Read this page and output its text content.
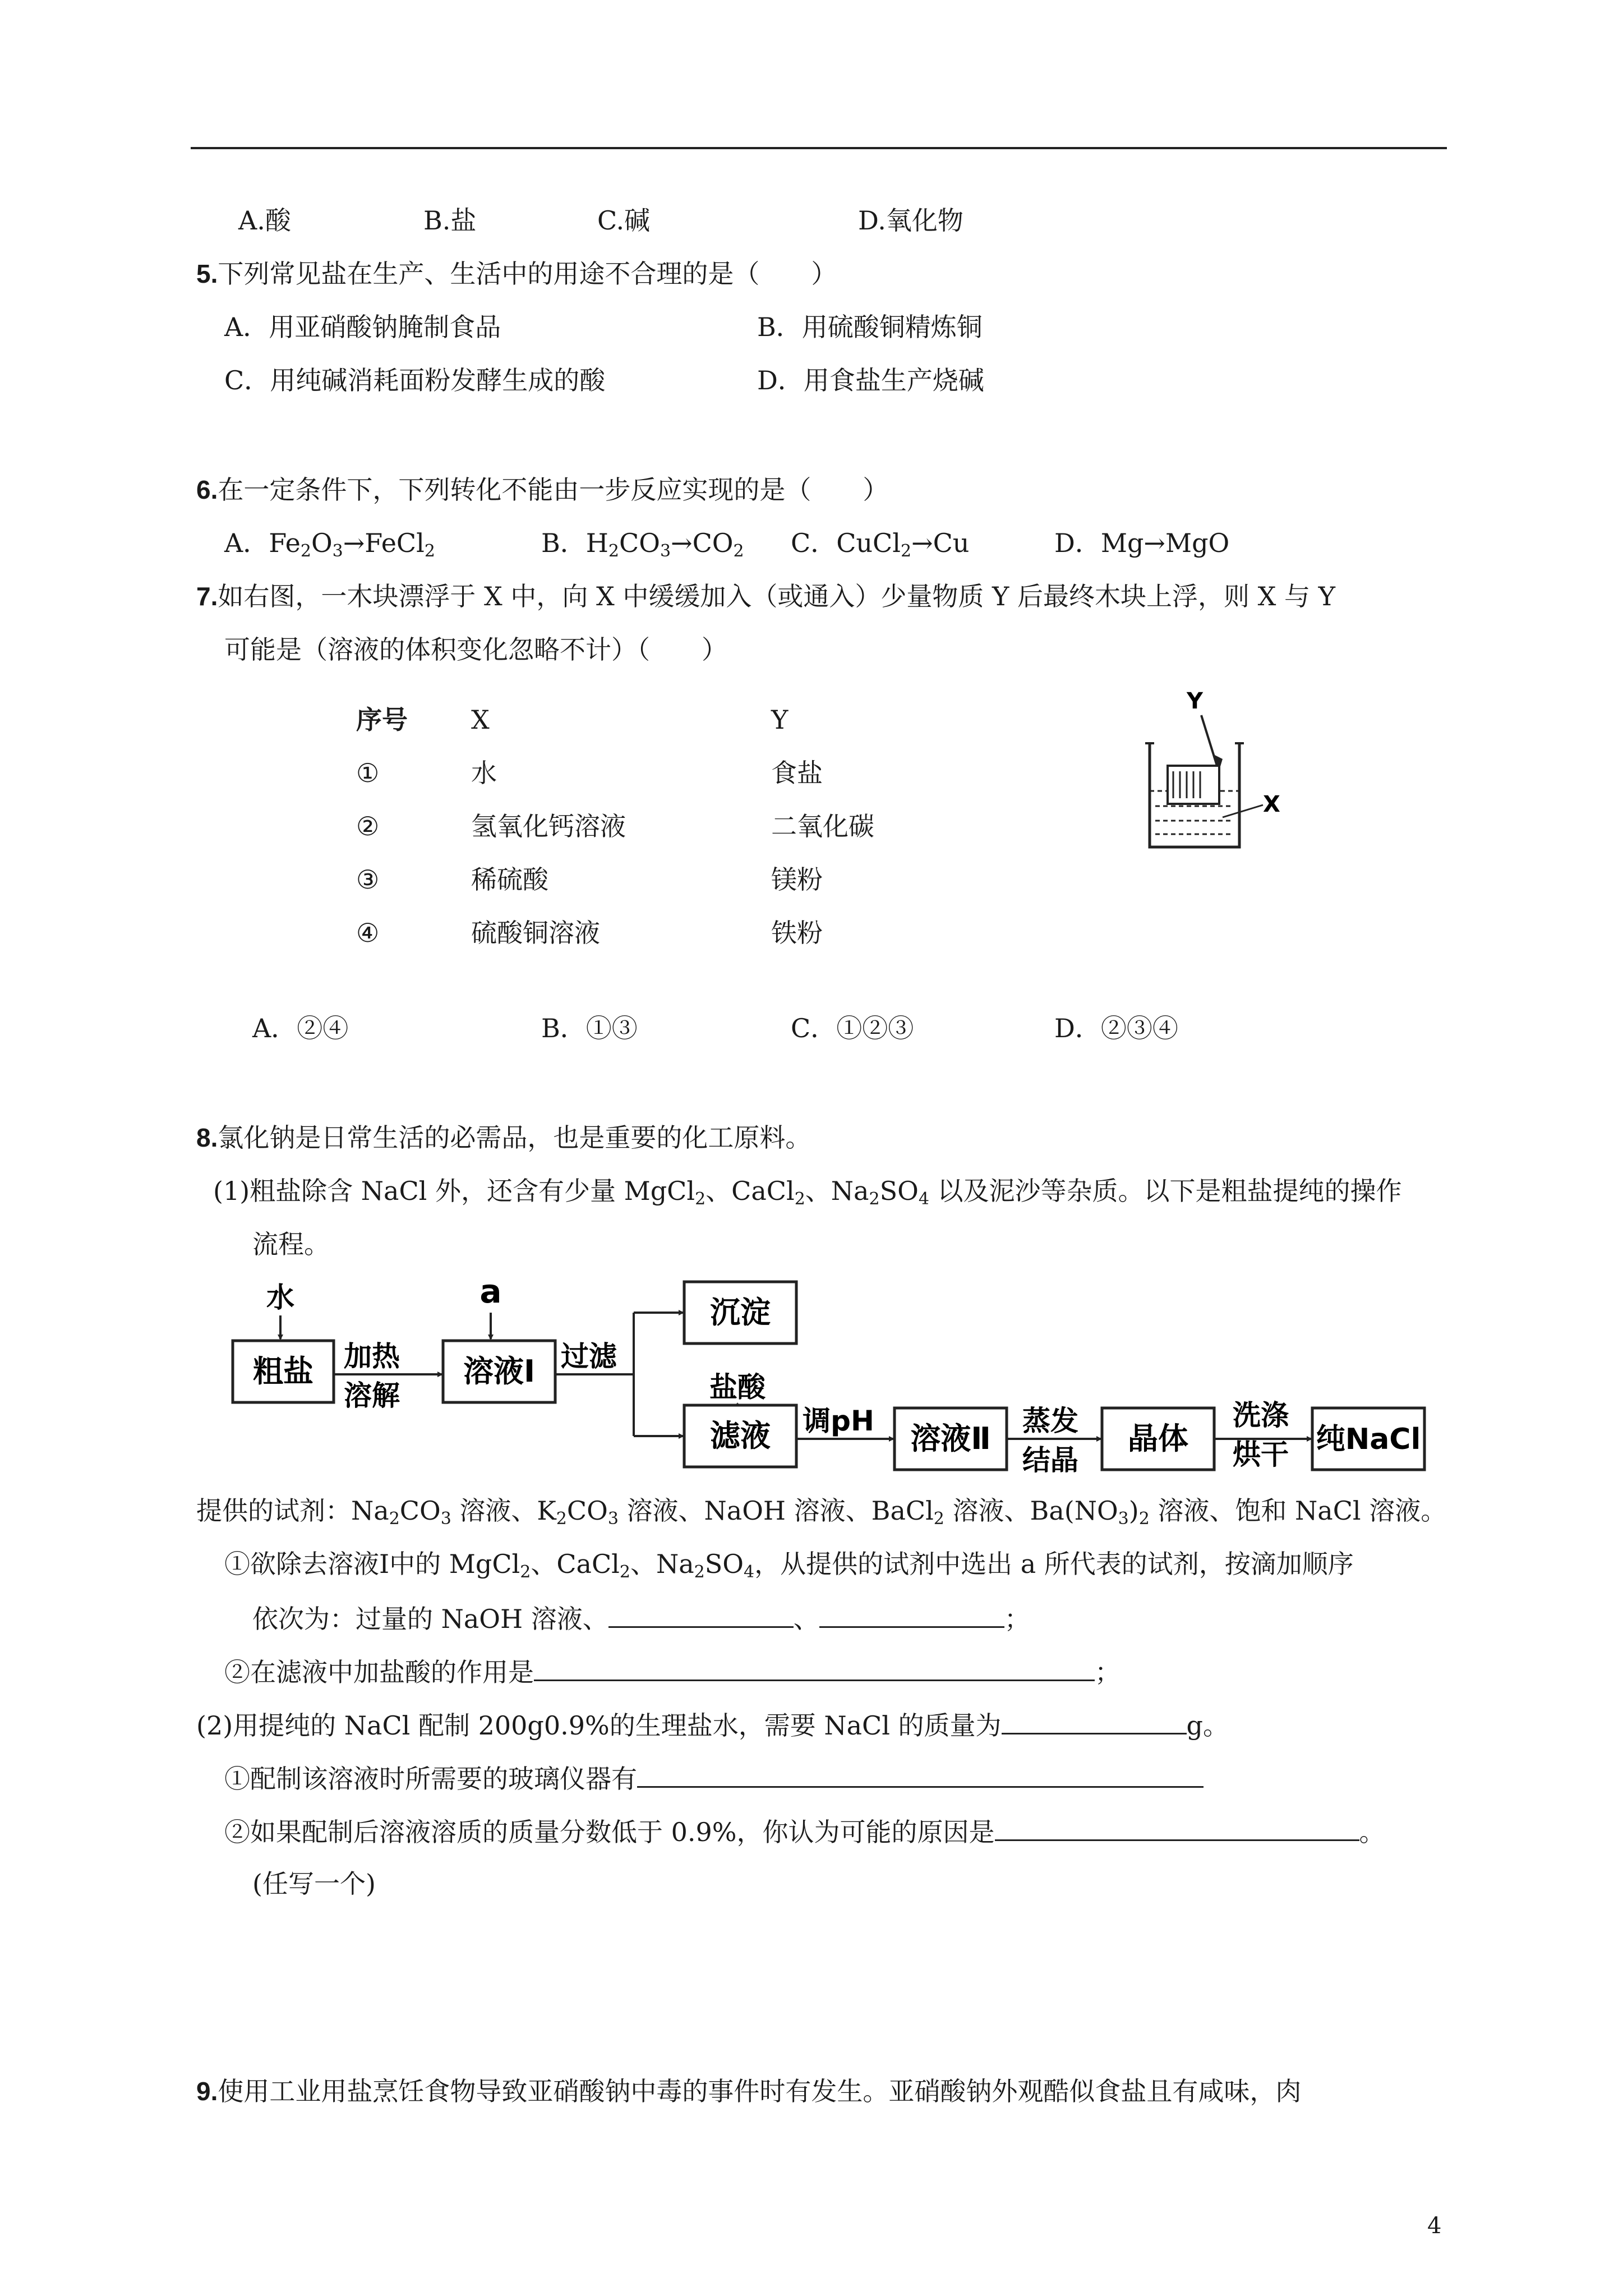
A.酸	B.盐	C.碱	D.氧化物
5.下列常见盐在生产、生活中的用途不合理的是（　　）
A．用亚硝酸钠腌制食品	B．用硫酸铜精炼铜
C．用纯碱消耗面粉发酵生成的酸	D．用食盐生产烧碱
6.在一定条件下，下列转化不能由一步反应实现的是（　　）
A．$Fe_2O_3\to FeCl_2$	B．$H_2CO_3\to CO_2$ C．CuCl$_2$→Cu	D．Mg→MgO
7.如右图，一木块漂浮于 X 中，向 X 中缓缓加入（或通入）少量物质 Y 后最终木块上浮，则 X 与 Y
可能是（溶液的体积变化忽略不计）（　　）
序号 X	Y
①	水	食盐
②	氢氧化钙溶液	二氧化碳
③	稀硫酸	镁粉
④	硫酸铜溶液	铁粉
Y
X
A．②④	B．①③	C．①②③	D．②③④
8.氯化钠是日常生活的必需品，也是重要的化工原料。
(1)粗盐除含 NaCl 外，还含有少量 MgCl$_2$、CaCl$_2$、$Na_2SO_4$ 以及泥沙等杂质。以下是粗盐提纯的操作
流程。
水
粗盐 加热
溶解
a
溶液Ⅰ 过滤
沉淀
盐酸
滤液 调pH 溶液Ⅱ 蒸发
结晶
晶体
洗涤
烘干 纯NaCl
提供的试剂：$Na_2CO_3$ 溶液、$K_2CO_3$ 溶液、NaOH 溶液、BaCl$_2$ 溶液、$Ba(NO_3)_2$ 溶液、饱和 NaCl 溶液。
①欲除去溶液Ⅰ中的 MgCl$_2$、CaCl$_2$、$Na_2SO_4$，从提供的试剂中选出 a 所代表的试剂，按滴加顺序
依次为：过量的 NaOH 溶液、	、	；
②在滤液中加盐酸的作用是	；
(2)用提纯的 NaCl 配制 200g0.9%的生理盐水，需要 NaCl 的质量为	g。
①配制该溶液时所需要的玻璃仪器有
②如果配制后溶液溶质的质量分数低于 0.9%，你认为可能的原因是	。
(任写一个)
9.使用工业用盐烹饪食物导致亚硝酸钠中毒的事件时有发生。亚硝酸钠外观酷似食盐且有咸味，肉
4
